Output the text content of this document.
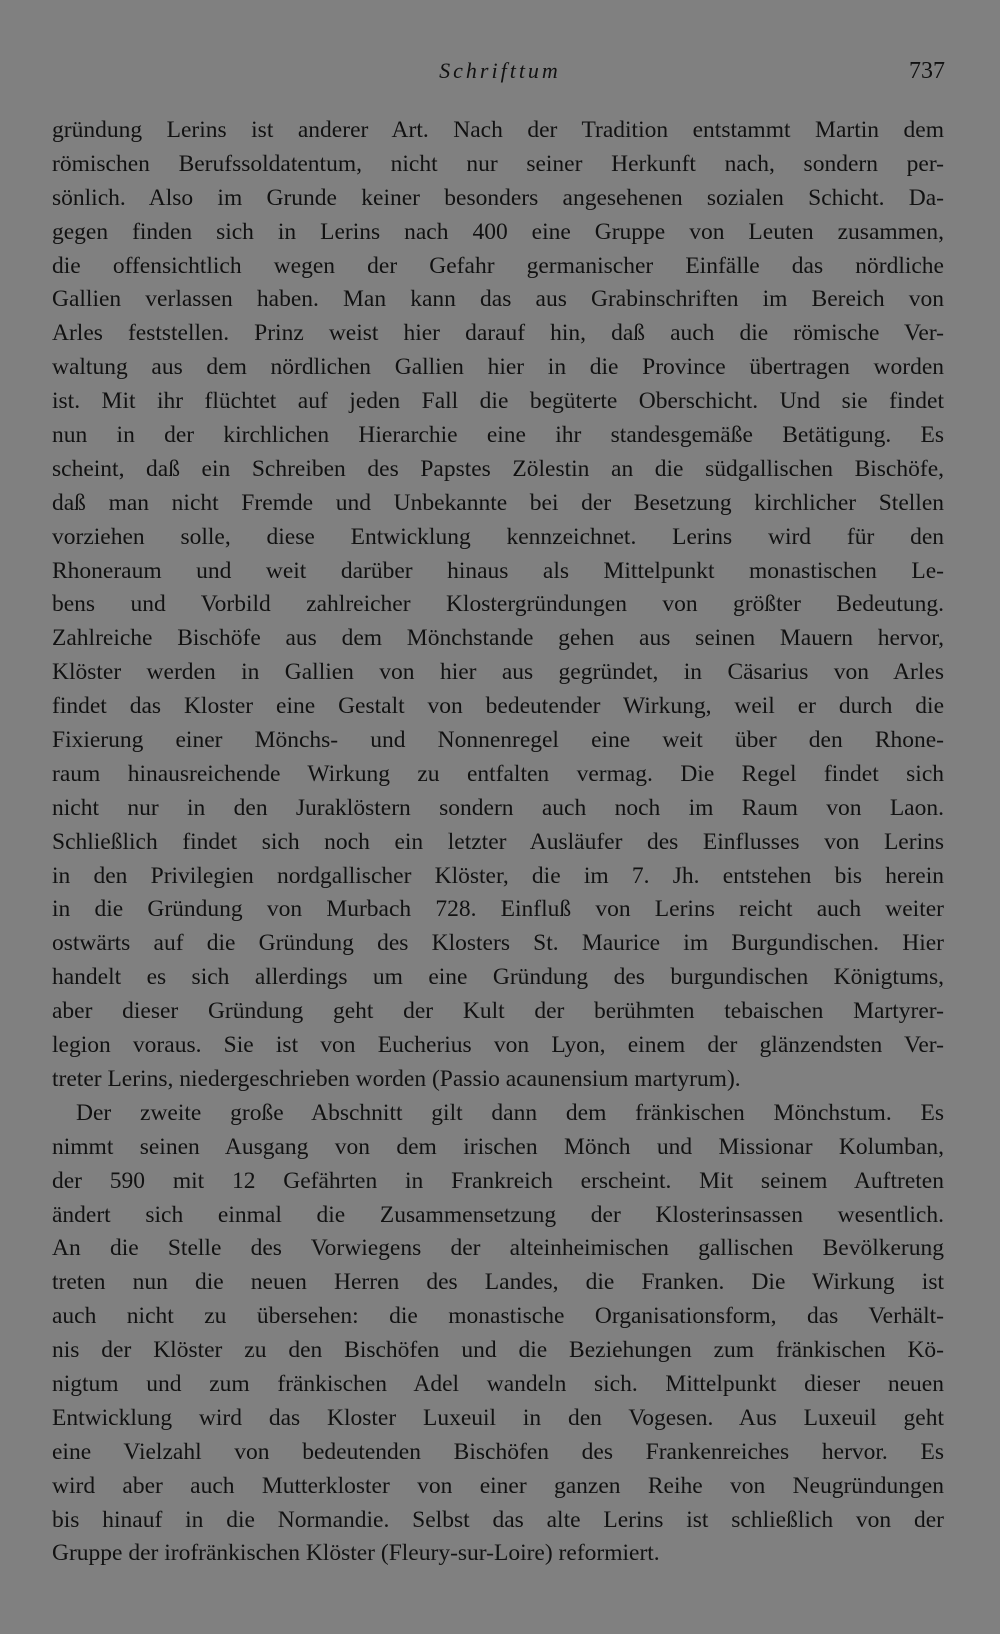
Schrifttum	737
gründung Lerins ist anderer Art. Nach der Tradition entstammt Martin dem
römischen Berufssoldatentum, nicht nur seiner Herkunft nach, sondern per-
sönlich. Also im Grunde keiner besonders angesehenen sozialen Schicht. Da-
gegen finden sich in Lerins nach 400 eine Gruppe von Leuten zusammen,
die offensichtlich wegen der Gefahr germanischer Einfälle das nördliche
Gallien verlassen haben. Man kann das aus Grabinschriften im Bereich von
Arles feststellen. Prinz weist hier darauf hin, daß auch die römische Ver-
waltung aus dem nördlichen Gallien hier in die Province übertragen worden
ist. Mit ihr flüchtet auf jeden Fall die begüterte Oberschicht. Und sie findet
nun in der kirchlichen Hierarchie eine ihr standesgemäße Betätigung. Es
scheint, daß ein Schreiben des Papstes Zölestin an die südgallischen Bischöfe,
daß man nicht Fremde und Unbekannte bei der Besetzung kirchlicher Stellen
vorziehen solle, diese Entwicklung kennzeichnet. Lerins wird für den
Rhoneraum und weit darüber hinaus als Mittelpunkt monastischen Le-
bens und Vorbild zahlreicher Klostergründungen von größter Bedeutung.
Zahlreiche Bischöfe aus dem Mönchstande gehen aus seinen Mauern hervor,
Klöster werden in Gallien von hier aus gegründet, in Cäsarius von Arles
findet das Kloster eine Gestalt von bedeutender Wirkung, weil er durch die
Fixierung einer Mönchs- und Nonnenregel eine weit über den Rhone-
raum hinausreichende Wirkung zu entfalten vermag. Die Regel findet sich
nicht nur in den Juraklöstern sondern auch noch im Raum von Laon.
Schließlich findet sich noch ein letzter Ausläufer des Einflusses von Lerins
in den Privilegien nordgallischer Klöster, die im 7. Jh. entstehen bis herein
in die Gründung von Murbach 728. Einfluß von Lerins reicht auch weiter
ostwärts auf die Gründung des Klosters St. Maurice im Burgundischen. Hier
handelt es sich allerdings um eine Gründung des burgundischen Königtums,
aber dieser Gründung geht der Kult der berühmten tebaischen Martyrer-
legion voraus. Sie ist von Eucherius von Lyon, einem der glänzendsten Ver-
treter Lerins, niedergeschrieben worden (Passio acaunensium martyrum).
Der zweite große Abschnitt gilt dann dem fränkischen Mönchstum. Es
nimmt seinen Ausgang von dem irischen Mönch und Missionar Kolumban,
der 590 mit 12 Gefährten in Frankreich erscheint. Mit seinem Auftreten
ändert sich einmal die Zusammensetzung der Klosterinsassen wesentlich.
An die Stelle des Vorwiegens der alteinheimischen gallischen Bevölkerung
treten nun die neuen Herren des Landes, die Franken. Die Wirkung ist
auch nicht zu übersehen: die monastische Organisationsform, das Verhält-
nis der Klöster zu den Bischöfen und die Beziehungen zum fränkischen Kö-
nigtum und zum fränkischen Adel wandeln sich. Mittelpunkt dieser neuen
Entwicklung wird das Kloster Luxeuil in den Vogesen. Aus Luxeuil geht
eine Vielzahl von bedeutenden Bischöfen des Frankenreiches hervor. Es
wird aber auch Mutterkloster von einer ganzen Reihe von Neugründungen
bis hinauf in die Normandie. Selbst das alte Lerins ist schließlich von der
Gruppe der irofränkischen Klöster (Fleury-sur-Loire) reformiert.
